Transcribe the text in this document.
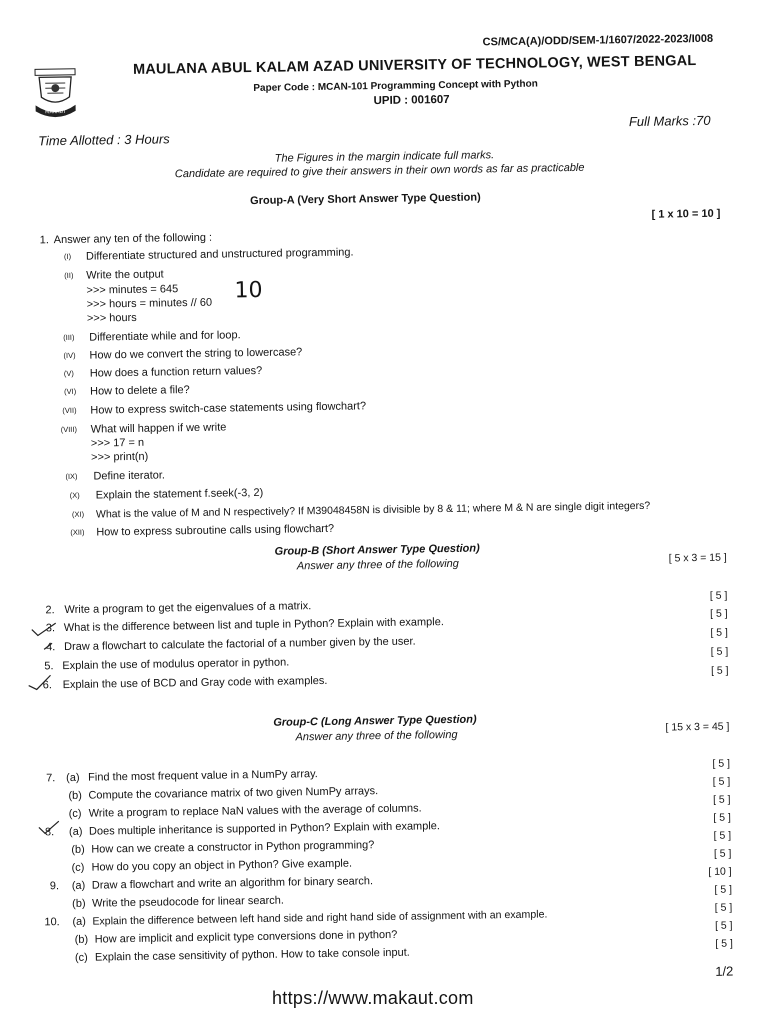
CS/MCA(A)/ODD/SEM-1/1607/2022-2023/I008
MAKAUT
MAULANA ABUL KALAM AZAD UNIVERSITY OF TECHNOLOGY, WEST BENGAL
Paper Code : MCAN-101 Programming Concept with Python
UPID : 001607
Time Allotted : 3 Hours
Full Marks :70
The Figures in the margin indicate full marks.
Candidate are required to give their answers in their own words as far as practicable
Group-A (Very Short Answer Type Question)
[ 1 x 10 = 10 ]
1. Answer any ten of the following :
(I) Differentiate structured and unstructured programming.
(II) Write the output
>>> minutes = 645
>>> hours = minutes // 60
>>> hours
10
(III) Differentiate while and for loop.
(IV) How do we convert the string to lowercase?
(V) How does a function return values?
(VI) How to delete a file?
(VII) How to express switch-case statements using flowchart?
(VIII) What will happen if we write
>>> 17 = n
>>> print(n)
(IX) Define iterator.
(X) Explain the statement f.seek(-3, 2)
(XI) What is the value of M and N respectively? If M39048458N is divisible by 8 & 11; where M & N are single digit integers?
(XII) How to express subroutine calls using flowchart?
Group-B (Short Answer Type Question)
Answer any three of the following	[ 5 x 3 = 15 ]
2. Write a program to get the eigenvalues of a matrix.
[ 5 ]
3. What is the difference between list and tuple in Python? Explain with example.
[ 5 ]
4. Draw a flowchart to calculate the factorial of a number given by the user.
[ 5 ]
5. Explain the use of modulus operator in python.
[ 5 ]
6. Explain the use of BCD and Gray code with examples.
[ 5 ]
Group-C (Long Answer Type Question)
Answer any three of the following
[ 15 x 3 = 45 ]
7. (a) Find the most frequent value in a NumPy array.
[ 5 ]
(b) Compute the covariance matrix of two given NumPy arrays.
[ 5 ]
(c) Write a program to replace NaN values with the average of columns.
[ 5 ]
8. (a) Does multiple inheritance is supported in Python? Explain with example.
[ 5 ]
(b) How can we create a constructor in Python programming?
[ 5 ]
(c) How do you copy an object in Python? Give example.
[ 5 ]
9. (a) Draw a flowchart and write an algorithm for binary search.
[ 10 ]
(b) Write the pseudocode for linear search.
[ 5 ]
10. (a) Explain the difference between left hand side and right hand side of assignment with an example.
[ 5 ]
(b) How are implicit and explicit type conversions done in python?
[ 5 ]
(c) Explain the case sensitivity of python. How to take console input.
[ 5 ]
1/2
https://www.makaut.com
